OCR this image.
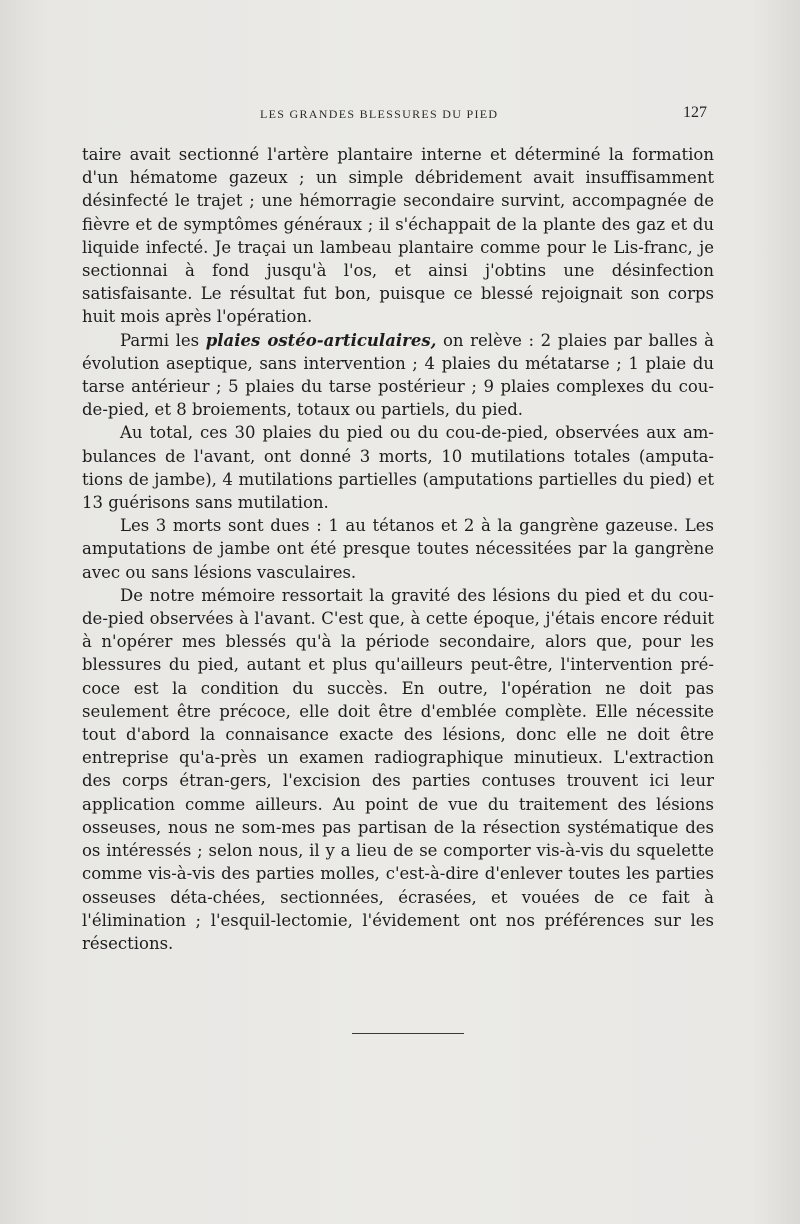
LES GRANDES BLESSURES DU PIED	127

taire avait sectionné l'artère plantaire interne et déterminé la formation d'un hématome gazeux ; un simple débridement avait insuffisamment désinfecté le trajet ; une hémorragie secondaire survint, accompagnée de fièvre et de symptômes généraux ; il s'échappait de la plante des gaz et du liquide infecté. Je traçai un lambeau plantaire comme pour le Lis-franc, je sectionnai à fond jusqu'à l'os, et ainsi j'obtins une désinfection satisfaisante. Le résultat fut bon, puisque ce blessé rejoignait son corps huit mois après l'opération.

Parmi les plaies ostéo-articulaires, on relève : 2 plaies par balles à évolution aseptique, sans intervention ; 4 plaies du métatarse ; 1 plaie du tarse antérieur ; 5 plaies du tarse postérieur ; 9 plaies complexes du cou-de-pied, et 8 broiements, totaux ou partiels, du pied.

Au total, ces 30 plaies du pied ou du cou-de-pied, observées aux am-bulances de l'avant, ont donné 3 morts, 10 mutilations totales (amputa-tions de jambe), 4 mutilations partielles (amputations partielles du pied) et 13 guérisons sans mutilation.

Les 3 morts sont dues : 1 au tétanos et 2 à la gangrène gazeuse. Les amputations de jambe ont été presque toutes nécessitées par la gangrène avec ou sans lésions vasculaires.

De notre mémoire ressortait la gravité des lésions du pied et du cou-de-pied observées à l'avant. C'est que, à cette époque, j'étais encore réduit à n'opérer mes blessés qu'à la période secondaire, alors que, pour les blessures du pied, autant et plus qu'ailleurs peut-être, l'intervention pré-coce est la condition du succès. En outre, l'opération ne doit pas seulement être précoce, elle doit être d'emblée complète. Elle nécessite tout d'abord la connaisance exacte des lésions, donc elle ne doit être entreprise qu'a-près un examen radiographique minutieux. L'extraction des corps étran-gers, l'excision des parties contuses trouvent ici leur application comme ailleurs. Au point de vue du traitement des lésions osseuses, nous ne som-mes pas partisan de la résection systématique des os intéressés ; selon nous, il y a lieu de se comporter vis-à-vis du squelette comme vis-à-vis des parties molles, c'est-à-dire d'enlever toutes les parties osseuses déta-chées, sectionnées, écrasées, et vouées de ce fait à l'élimination ; l'esquil-lectomie, l'évidement ont nos préférences sur les résections.
